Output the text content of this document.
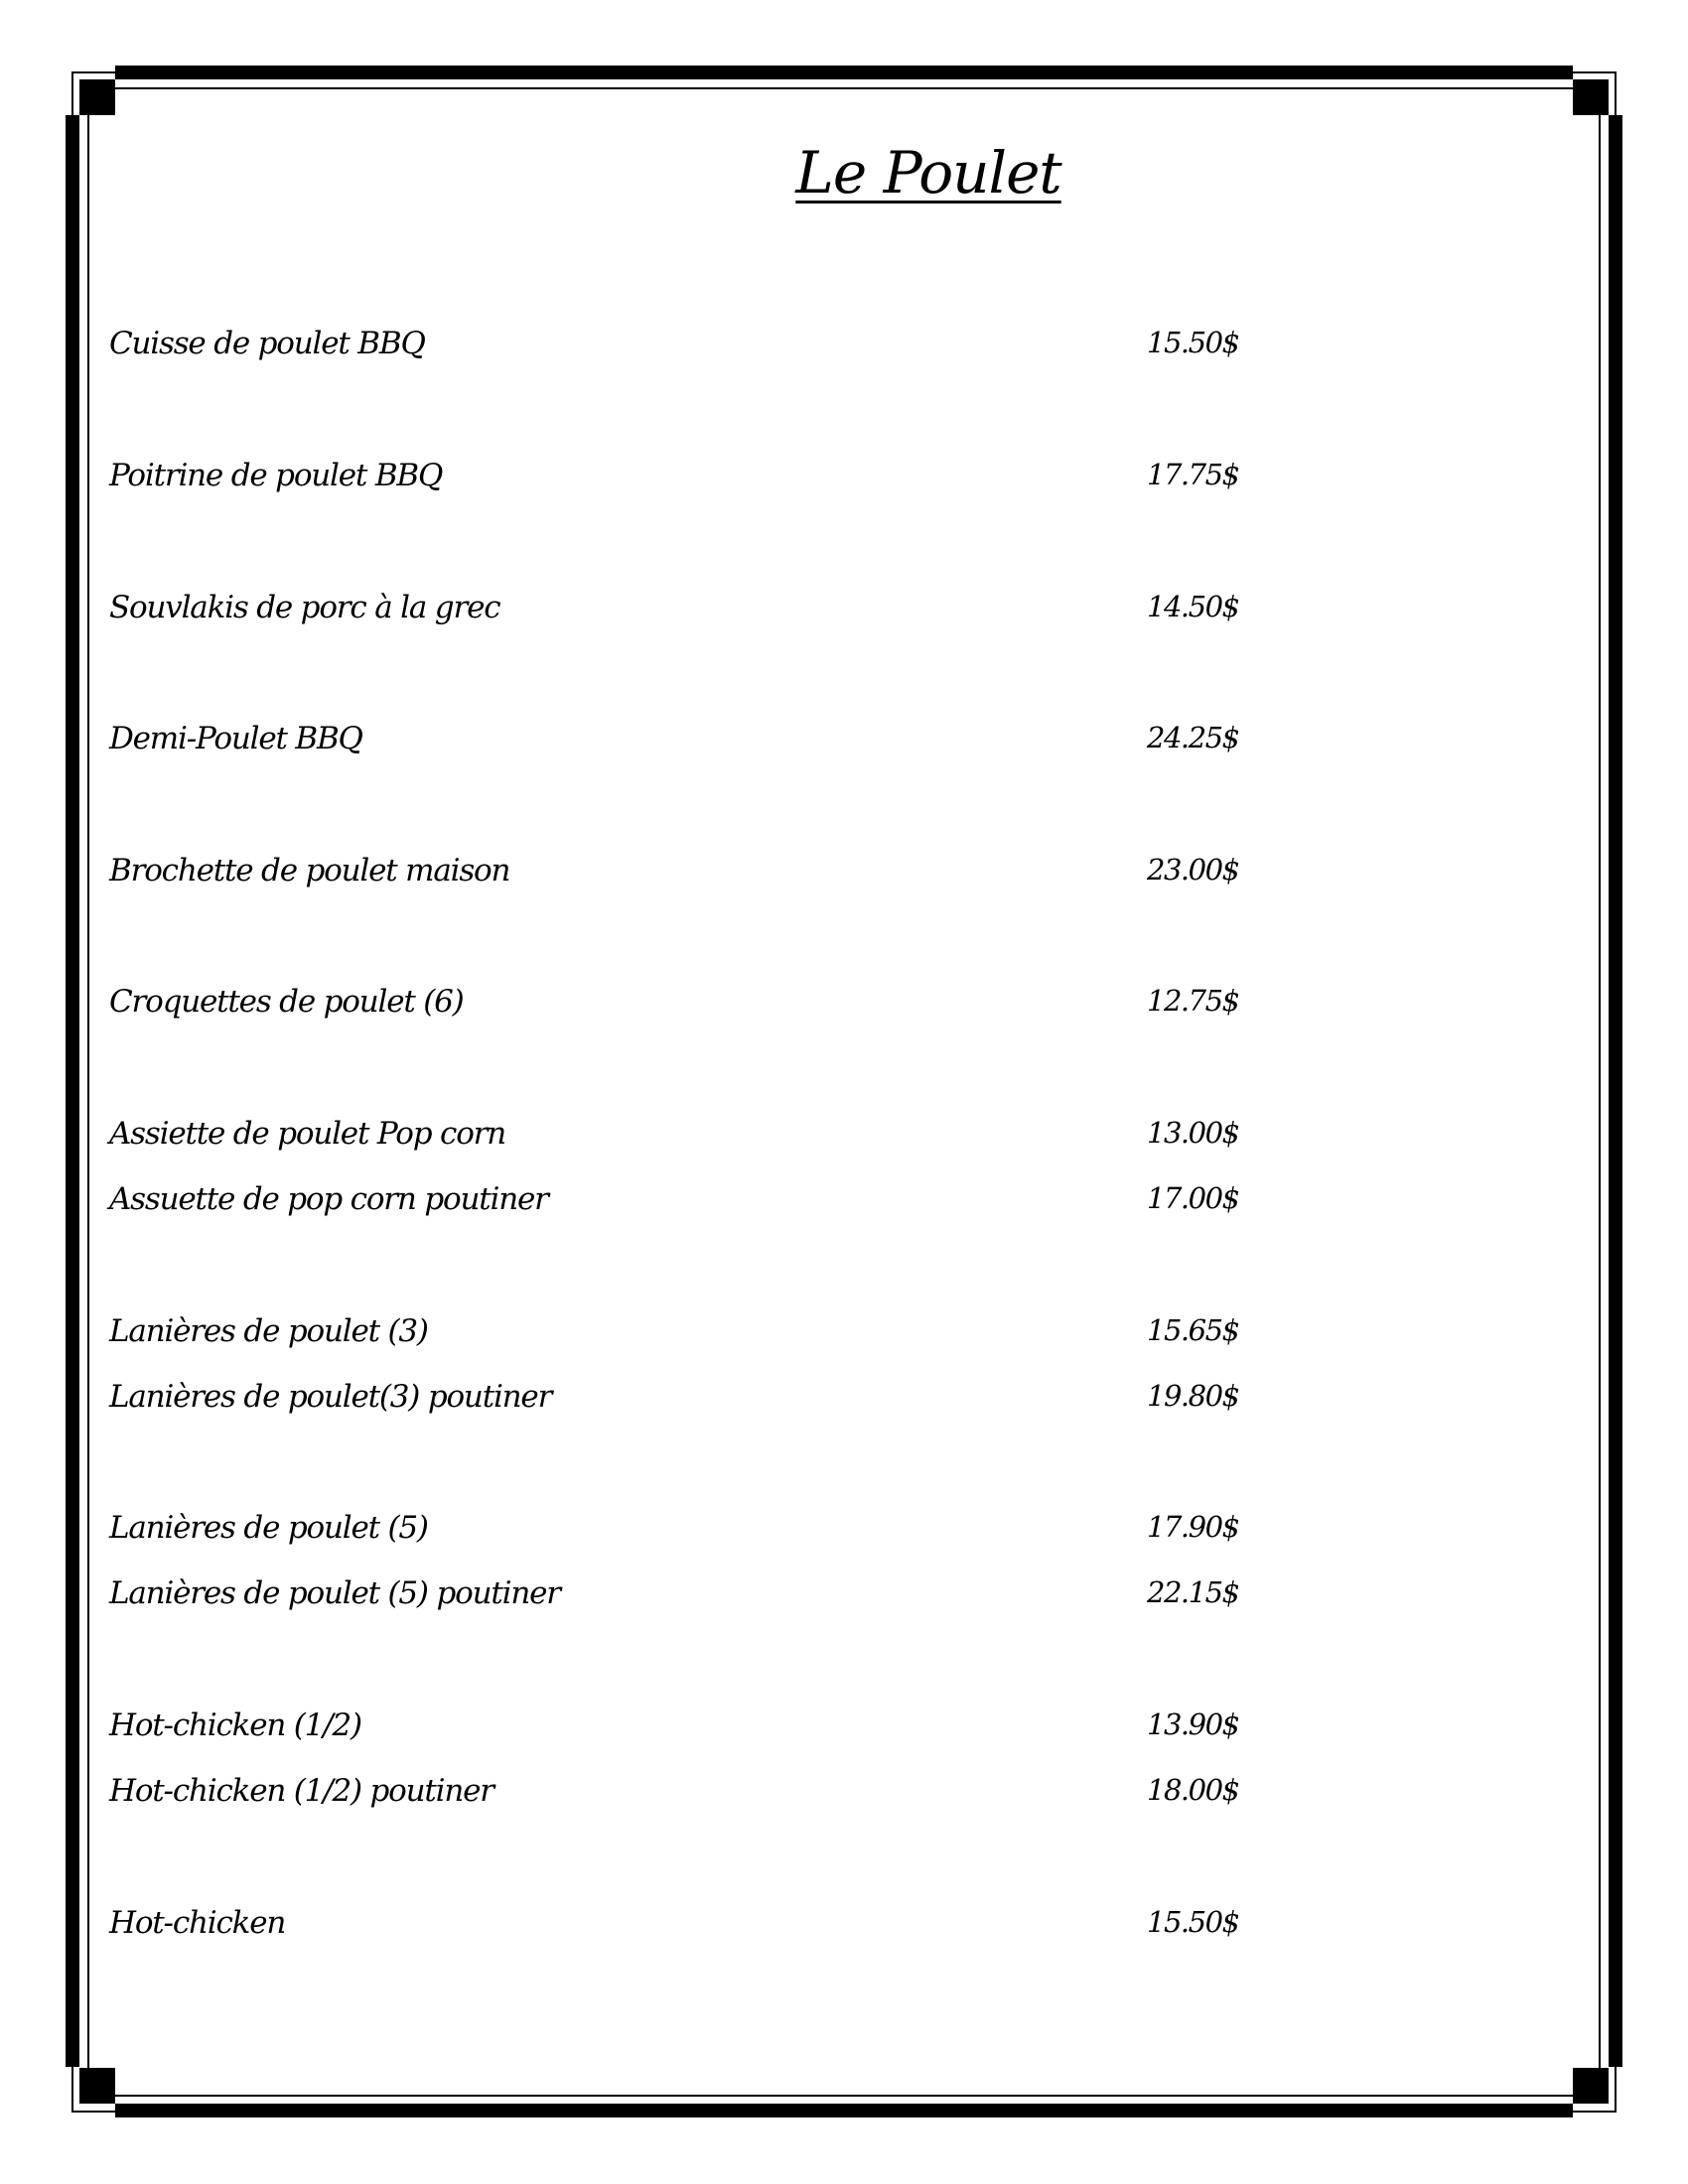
Le Poulet
Cuisse de poulet BBQ	15.50$
Poitrine de poulet BBQ	17.75$
Souvlakis de porc à la grec	14.50$
Demi-Poulet BBQ	24.25$
Brochette de poulet maison	23.00$
Croquettes de poulet (6)	12.75$
Assiette de poulet Pop corn	13.00$
Assuette de pop corn poutiner	17.00$
Lanières de poulet (3)	15.65$
Lanières de poulet(3) poutiner	19.80$
Lanières de poulet (5)	17.90$
Lanières de poulet (5) poutiner	22.15$
Hot-chicken (1/2)	13.90$
Hot-chicken (1/2) poutiner	18.00$
Hot-chicken	15.50$
